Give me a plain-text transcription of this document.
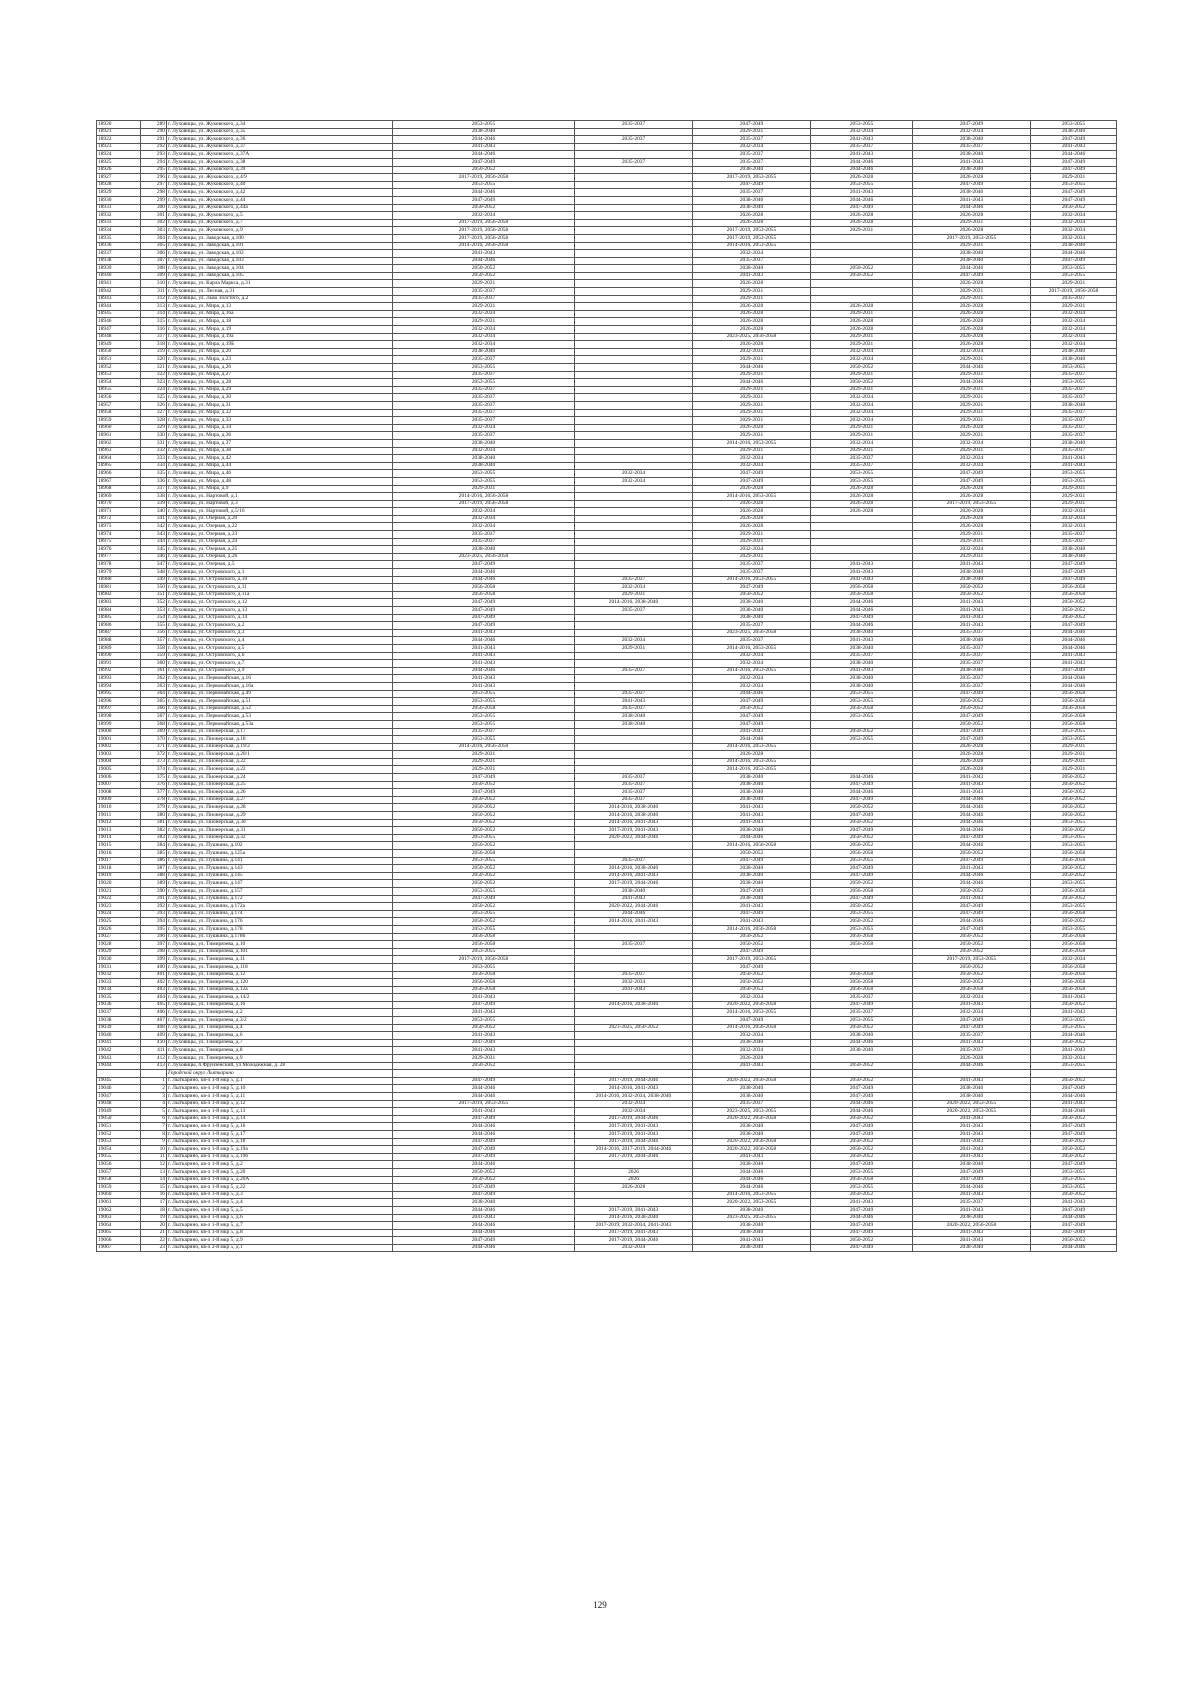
18920	289	г. Луховицы, ул. Жуковского, д.34	2053-2055	2035-2037	2047-2049	2053-2055	2047-2049	2053-2055
18921	290	г. Луховицы, ул. Жуковского, д.35	2038-2040		2029-2031	2032-2034	2032-2034	2038-2040
18922	291	г. Луховицы, ул. Жуковского, д.36	2044-2046	2035-2037	2035-2037	2041-2043	2038-2040	2047-2049
18923	292	г. Луховицы, ул. Жуковского, д.37	2041-2043		2032-2034	2035-2037	2035-2037	2041-2043
18924	293	г. Луховицы, ул. Жуковского, д.37А	2044-2046		2035-2037	2041-2043	2038-2040	2044-2046
18925	294	г. Луховицы, ул. Жуковского, д.38	2047-2049	2035-2037	2035-2037	2044-2046	2041-2043	2047-2049
18926	295	г. Луховицы, ул. Жуковского, д.39	2050-2052		2038-2040	2044-2046	2038-2040	2047-2049
18927	296	г. Луховицы, ул. Жуковского, д.4/9	2017-2019, 2056-2058		2017-2019, 2053-2055	2026-2028	2026-2028	2029-2031
18928	297	г. Луховицы, ул. Жуковского, д.40	2053-2055		2047-2049	2053-2055	2047-2049	2053-2055
18929	298	г. Луховицы, ул. Жуковского, д.42	2044-2046		2035-2037	2041-2043	2038-2040	2047-2049
18930	299	г. Луховицы, ул. Жуковского, д.44	2047-2049		2038-2040	2044-2046	2041-2043	2047-2049
18931	300	г. Луховицы, ул. Жуковского, д.44а	2050-2052		2038-2040	2047-2049	2044-2046	2050-2052
18932	301	г. Луховицы, ул. Жуковского, д.5	2032-2034		2026-2028	2026-2028	2026-2028	2032-2034
18933	302	г. Луховицы, ул. Жуковского, д.7	2017-2019, 2056-2058		2026-2028	2026-2028	2029-2031	2032-2034
18934	303	г. Луховицы, ул. Жуковского, д.9	2017-2019, 2056-2058		2017-2019, 2053-2055	2029-2031	2026-2028	2032-2034
18935	304	г. Луховицы, ул. Заводская, д.100	2017-2019, 2056-2058		2017-2019, 2053-2055		2017-2019, 2053-2055	2032-2034
18936	305	г. Луховицы, ул. Заводская, д.101	2014-2016, 2056-2058		2014-2016, 2053-2055		2029-2031	2038-2040
18937	306	г. Луховицы, ул. Заводская, д.102	2041-2043		2032-2034		2038-2040	2044-2046
18938	307	г. Луховицы, ул. Заводская, д.103	2044-2046		2035-2037		2038-2040	2047-2049
18939	308	г. Луховицы, ул. Заводская, д.104	2050-2052		2038-2040	2050-2052	2044-2046	2053-2055
18940	309	г. Луховицы, ул. Заводская, д.105	2050-2052		2041-2043	2050-2052	2047-2049	2053-2055
18941	310	г. Луховицы, ул. Карла Маркса, д.31	2029-2031		2026-2028		2026-2028	2029-2031
18942	311	г. Луховицы, ул. Лесная, д.31	2035-2037		2029-2031		2029-2031	2017-2019, 2056-2058
18943	312	г. Луховицы, ул. Льва Толстого, д.2	2035-2037		2029-2031		2029-2031	2035-2037
18944	313	г. Луховицы, ул. Мира, д.13	2029-2031		2026-2028	2026-2028	2026-2028	2029-2031
18945	314	г. Луховицы, ул. Мира, д.16а	2032-2034		2026-2028	2029-2031	2026-2028	2032-2034
18946	315	г. Луховицы, ул. Мира, д.18	2029-2031		2026-2028	2026-2028	2026-2028	2032-2034
18947	316	г. Луховицы, ул. Мира, д.19	2032-2034		2026-2028	2026-2028	2026-2028	2032-2034
18948	317	г. Луховицы, ул. Мира, д.19а	2032-2034		2023-2025, 2056-2058	2029-2031	2026-2028	2032-2034
18949	318	г. Луховицы, ул. Мира, д.19Б	2032-2034		2026-2028	2029-2031	2026-2028	2032-2034
18950	319	г. Луховицы, ул. Мира, д.20	2038-2040		2032-2034	2032-2034	2032-2034	2038-2040
18951	320	г. Луховицы, ул. Мира, д.23	2035-2037		2029-2031	2032-2034	2029-2031	2038-2040
18952	321	г. Луховицы, ул. Мира, д.26	2053-2055		2044-2046	2050-2052	2044-2046	2053-2055
18953	322	г. Луховицы, ул. Мира, д.27	2035-2037		2029-2031	2029-2031	2029-2031	2035-2037
18954	323	г. Луховицы, ул. Мира, д.28	2053-2055		2044-2046	2050-2052	2044-2046	2053-2055
18955	324	г. Луховицы, ул. Мира, д.29	2035-2037		2029-2031	2029-2031	2029-2031	2035-2037
18956	325	г. Луховицы, ул. Мира, д.30	2035-2037		2029-2031	2032-2034	2029-2031	2035-2037
18957	326	г. Луховицы, ул. Мира, д.31	2035-2037		2029-2031	2032-2034	2029-2031	2038-2040
18958	327	г. Луховицы, ул. Мира, д.32	2035-2037		2029-2031	2032-2034	2029-2031	2035-2037
18959	328	г. Луховицы, ул. Мира, д.33	2035-2037		2029-2031	2032-2034	2029-2031	2035-2037
18960	329	г. Луховицы, ул. Мира, д.34	2032-2034		2026-2028	2029-2031	2026-2028	2035-2037
18961	330	г. Луховицы, ул. Мира, д.36	2035-2037		2029-2031	2029-2031	2029-2031	2035-2037
18962	331	г. Луховицы, ул. Мира, д.37	2038-2040		2014-2016, 2053-2055	2032-2034	2032-2034	2038-2040
18963	332	г. Луховицы, ул. Мира, д.38	2032-2034		2029-2031	2029-2031	2029-2031	2035-2037
18964	333	г. Луховицы, ул. Мира, д.42	2038-2040		2032-2034	2035-2037	2032-2034	2041-2043
18965	334	г. Луховицы, ул. Мира, д.44	2038-2040		2032-2034	2035-2037	2032-2034	2041-2043
18966	335	г. Луховицы, ул. Мира, д.46	2053-2055	2032-2034	2047-2049	2053-2055	2047-2049	2053-2055
18967	336	г. Луховицы, ул. Мира, д.48	2053-2055	2032-2034	2047-2049	2053-2055	2047-2049	2053-2055
18968	337	г. Луховицы, ул. Мира, д.9	2029-2031		2026-2028	2026-2028	2026-2028	2029-2031
18969	338	г. Луховицы, ул. Нартовой, д.1	2014-2016, 2056-2058		2014-2016, 2053-2055	2026-2028	2026-2028	2029-2031
18970	339	г. Луховицы, ул. Нартовой, д.3	2017-2019, 2056-2058		2026-2028	2026-2028	2017-2019, 2053-2055	2029-2031
18971	340	г. Луховицы, ул. Нартовой, д.5/16	2032-2034		2026-2028	2026-2028	2026-2028	2032-2034
18972	341	г. Луховицы, ул. Озерная, д.20	2032-2034		2026-2028		2026-2028	2032-2034
18973	342	г. Луховицы, ул. Озерная, д.22	2032-2034		2026-2028		2026-2028	2032-2034
18974	343	г. Луховицы, ул. Озерная, д.23	2035-2037		2029-2031		2029-2031	2035-2037
18975	344	г. Луховицы, ул. Озерная, д.24	2035-2037		2029-2031		2029-2031	2035-2037
18976	345	г. Луховицы, ул. Озерная, д.25	2038-2040		2032-2034		2032-2034	2038-2040
18977	346	г. Луховицы, ул. Озерная, д.26	2023-2025, 2056-2058		2029-2031		2029-2031	2038-2040
18978	347	г. Луховицы, ул. Озерная, д.5	2047-2049		2035-2037	2041-2043	2041-2043	2047-2049
18979	348	г. Луховицы, ул. Островского, д.1	2044-2046		2035-2037	2041-2043	2038-2040	2047-2049
18980	349	г. Луховицы, ул. Островского, д.10	2044-2046	2035-2037	2014-2016, 2053-2055	2041-2043	2038-2040	2047-2049
18981	350	г. Луховицы, ул. Островского, д.11	2056-2058	2032-2034	2047-2049	2056-2058	2050-2052	2056-2058
18982	351	г. Луховицы, ул. Островского, д.11а	2056-2058	2029-2031	2050-2052	2056-2058	2050-2052	2056-2058
18983	352	г. Луховицы, ул. Островского, д.12	2047-2049	2014-2016, 2038-2040	2038-2040	2044-2046	2041-2043	2050-2052
18984	353	г. Луховицы, ул. Островского, д.13	2047-2049	2035-2037	2038-2040	2044-2046	2041-2043	2050-2052
18985	354	г. Луховицы, ул. Островского, д.14	2047-2049		2038-2040	2047-2049	2041-2043	2050-2052
18986	355	г. Луховицы, ул. Островского, д.2	2047-2049		2035-2037	2044-2046	2041-2043	2047-2049
18987	356	г. Луховицы, ул. Островского, д.3	2041-2043		2023-2025, 2056-2058	2038-2040	2035-2037	2044-2046
18988	357	г. Луховицы, ул. Островского, д.4	2044-2046	2032-2034	2035-2037	2041-2043	2038-2040	2044-2046
18989	358	г. Луховицы, ул. Островского, д.5	2041-2043	2029-2031	2014-2016, 2053-2055	2038-2040	2035-2037	2044-2046
18990	359	г. Луховицы, ул. Островского, д.6	2041-2043		2032-2034	2035-2037	2035-2037	2041-2043
18991	360	г. Луховицы, ул. Островского, д.7	2041-2043		2032-2034	2038-2040	2035-2037	2041-2043
18992	361	г. Луховицы, ул. Островского, д.9	2044-2046	2035-2037	2014-2016, 2053-2055	2041-2043	2038-2040	2047-2049
18993	362	г. Луховицы, ул. Первомайская, д.16	2041-2043		2032-2034	2038-2040	2035-2037	2044-2046
18994	363	г. Луховицы, ул. Первомайская, д.16а	2041-2043		2032-2034	2038-2040	2035-2037	2044-2046
18995	364	г. Луховицы, ул. Первомайская, д.49	2053-2055	2035-2037	2044-2046	2053-2055	2047-2049	2056-2058
18996	365	г. Луховицы, ул. Первомайская, д.51	2053-2055	2041-2043	2047-2049	2053-2055	2050-2052	2056-2058
18997	366	г. Луховицы, ул. Первомайская, д.52	2056-2058	2035-2037	2050-2052	2056-2058	2050-2052	2056-2058
18998	367	г. Луховицы, ул. Первомайская, д.53	2053-2055	2038-2040	2047-2049	2053-2055	2047-2049	2056-2058
18999	368	г. Луховицы, ул. Первомайская, д.53а	2053-2055	2038-2040	2047-2049		2050-2052	2056-2058
19000	369	г. Луховицы, ул. Пионерская, д.17	2035-2037		2041-2043	2050-2052	2047-2049	2053-2055
19001	370	г. Луховицы, ул. Пионерская, д.18	2053-2055		2044-2046	2053-2055	2047-2049	2053-2055
19002	371	г. Луховицы, ул. Пионерская, д.19/2	2014-2016, 2056-2058		2014-2016, 2053-2055		2026-2028	2029-2031
19003	372	г. Луховицы, ул. Пионерская, д.20/1	2029-2031		2026-2028		2026-2028	2029-2031
19004	373	г. Луховицы, ул. Пионерская, д.22	2029-2031		2014-2016, 2053-2055		2026-2028	2029-2031
19005	374	г. Луховицы, ул. Пионерская, д.22	2029-2031		2014-2016, 2053-2055		2026-2028	2029-2031
19006	375	г. Луховицы, ул. Пионерская, д.24	2047-2049	2035-2037	2038-2040	2044-2046	2041-2043	2050-2052
19007	376	г. Луховицы, ул. Пионерская, д.25	2050-2052	2035-2037	2038-2040	2047-2049	2041-2043	2050-2052
19008	377	г. Луховицы, ул. Пионерская, д.26	2047-2049	2035-2037	2038-2040	2044-2046	2041-2043	2050-2052
19009	378	г. Луховицы, ул. Пионерская, д.27	2050-2052	2035-2037	2038-2040	2047-2049	2044-2046	2050-2052
19010	379	г. Луховицы, ул. Пионерская, д.28	2050-2052	2014-2016, 2038-2040	2041-2043	2050-2052	2044-2046	2050-2052
19011	380	г. Луховицы, ул. Пионерская, д.29	2050-2052	2014-2016, 2038-2040	2041-2043	2047-2049	2044-2046	2050-2052
19012	381	г. Луховицы, ул. Пионерская, д.30	2050-2052	2014-2016, 2041-2043	2041-2043	2050-2052	2044-2046	2053-2055
19013	382	г. Луховицы, ул. Пионерская, д.31	2050-2052	2017-2019, 2041-2043	2038-2040	2047-2049	2044-2046	2050-2052
19014	383	г. Луховицы, ул. Пионерская, д.32	2053-2055	2020-2022, 2044-2046	2044-2046	2050-2052	2047-2049	2053-2055
19015	384	г. Луховицы, ул. Пушкина, д.102	2050-2052		2014-2016, 2056-2058	2050-2052	2044-2046	2053-2055
19016	385	г. Луховицы, ул. Пушкина, д.125а	2056-2058		2050-2052	2056-2058	2050-2052	2056-2058
19017	386	г. Луховицы, ул. Пушкина, д.141	2053-2055	2035-2037	2047-2049	2053-2055	2047-2049	2056-2058
19018	387	г. Луховицы, ул. Пушкина, д.143	2050-2052	2014-2016, 2038-2040	2038-2040	2047-2049	2041-2043	2050-2052
19019	388	г. Луховицы, ул. Пушкина, д.145	2050-2052	2014-2016, 2041-2043	2038-2040	2047-2049	2044-2046	2050-2052
19020	389	г. Луховицы, ул. Пушкина, д.147	2050-2052	2017-2019, 2044-2046	2038-2040	2050-2052	2044-2046	2053-2055
19021	390	г. Луховицы, ул. Пушкина, д.157	2053-2055	2038-2040	2047-2049	2056-2058	2050-2052	2056-2058
19022	391	г. Луховицы, ул. Пушкина, д.172	2047-2049	2041-2043	2038-2040	2047-2049	2041-2043	2050-2052
19023	392	г. Луховицы, ул. Пушкина, д.172а	2050-2052	2020-2022, 2044-2046	2041-2043	2050-2052	2047-2049	2053-2055
19024	393	г. Луховицы, ул. Пушкина, д.174	2053-2055	2044-2046	2047-2049	2053-2055	2047-2049	2056-2058
19025	394	г. Луховицы, ул. Пушкина, д.176	2050-2052	2014-2016, 2041-2043	2041-2043	2050-2052	2044-2046	2050-2052
19026	395	г. Луховицы, ул. Пушкина, д.178	2053-2055		2014-2016, 2056-2058	2053-2055	2047-2049	2053-2055
19027	396	г. Луховицы, ул. Пушкина, д.178б	2056-2058		2050-2052	2056-2058	2050-2052	2056-2058
19028	397	г. Луховицы, ул. Тимирязева, д.10	2056-2058	2035-2037	2050-2052	2056-2058	2050-2052	2056-2058
19029	398	г. Луховицы, ул. Тимирязева, д.101	2053-2055		2047-2049		2050-2052	2056-2058
19030	399	г. Луховицы, ул. Тимирязева, д.11	2017-2019, 2056-2058		2017-2019, 2053-2055		2017-2019, 2053-2055	2032-2034
19031	400	г. Луховицы, ул. Тимирязева, д.118	2053-2055		2047-2049		2050-2052	2056-2058
19032	401	г. Луховицы, ул. Тимирязева, д.12	2056-2058	2035-2037	2050-2052	2056-2058	2050-2052	2056-2058
19033	402	г. Луховицы, ул. Тимирязева, д.120	2056-2058	2032-2034	2050-2052	2056-2058	2050-2052	2056-2058
19034	403	г. Луховицы, ул. Тимирязева, д.12а	2056-2058	2041-2043	2050-2052	2056-2058	2056-2058	2056-2058
19035	404	г. Луховицы, ул. Тимирязева, д.14/2	2041-2043		2032-2034	2035-2037	2032-2034	2041-2043
19036	405	г. Луховицы, ул. Тимирязева, д.16	2047-2049	2014-2016, 2038-2040	2020-2022, 2056-2058	2047-2049	2041-2043	2050-2052
19037	406	г. Луховицы, ул. Тимирязева, д.2	2041-2043		2014-2016, 2053-2055	2035-2037	2032-2034	2041-2043
19038	407	г. Луховицы, ул. Тимирязева, д.3/2	2053-2055		2047-2049	2053-2055	2047-2049	2053-2055
19039	408	г. Луховицы, ул. Тимирязева, д.4	2050-2052	2023-2025, 2050-2052	2014-2016, 2056-2058	2050-2052	2047-2049	2053-2055
19040	409	г. Луховицы, ул. Тимирязева, д.6	2041-2043		2032-2034	2038-2040	2035-2037	2044-2046
19041	410	г. Луховицы, ул. Тимирязева, д.7	2047-2049		2038-2040	2044-2046	2041-2043	2050-2052
19042	411	г. Луховицы, ул. Тимирязева, д.8	2041-2043		2032-2034	2038-2040	2035-2037	2041-2043
19043	412	г. Луховицы, ул. Тимирязева, д.9	2029-2031		2026-2028		2026-2028	2032-2034
19044	413	г. Луховицы, п.Фрунзенский, ул Молодежная, д. 28	2050-2052		2041-2043	2050-2052	2044-2046	2053-2055
		Городской округ Лыткарино						
19045	1	г. Лыткарино, кв-л 1-й мкр 5, д.1	2047-2049	2017-2019, 2044-2046	2020-2022, 2056-2058	2050-2052	2041-2043	2050-2052
19046	2	г. Лыткарино, кв-л 1-й мкр 5, д.10	2044-2046	2014-2016, 2041-2043	2038-2040	2047-2049	2038-2040	2047-2049
19047	3	г. Лыткарино, кв-л 1-й мкр 5, д.11	2044-2046	2014-2016, 2032-2034, 2038-2040	2038-2040	2047-2049	2038-2040	2044-2046
19048	4	г. Лыткарино, кв-л 1-й мкр 5, д.12	2017-2019, 2053-2055	2032-2034	2035-2037	2044-2046	2020-2022, 2053-2055	2041-2043
19049	5	г. Лыткарино, кв-л 1-й мкр 5, д.13	2041-2043	2032-2034	2023-2025, 2053-2055	2044-2046	2020-2022, 2053-2055	2044-2046
19050	6	г. Лыткарино, кв-л 1-й мкр 5, д.14	2047-2049	2017-2019, 2044-2046	2020-2022, 2056-2058	2050-2052	2041-2043	2050-2052
19051	7	г. Лыткарино, кв-л 1-й мкр 5, д.16	2044-2046	2017-2019, 2041-2043	2038-2040	2047-2049	2041-2043	2047-2049
19052	8	г. Лыткарино, кв-л 1-й мкр 5, д.17	2044-2046	2017-2019, 2041-2043	2038-2040	2047-2049	2041-2043	2047-2049
19053	9	г. Лыткарино, кв-л 1-й мкр 5, д.18	2047-2049	2017-2019, 2044-2046	2020-2022, 2056-2058	2050-2052	2041-2043	2050-2052
19054	10	г. Лыткарино, кв-л 1-й мкр 5, д.19а	2047-2049	2014-2016, 2017-2019, 2044-2046	2020-2022, 2056-2058	2050-2052	2041-2043	2050-2052
19055	11	г. Лыткарино, кв-л 1-й мкр 5, д.19б	2047-2049	2017-2019, 2044-2046	2041-2043	2050-2052	2041-2043	2050-2052
19056	12	г. Лыткарино, кв-л 1-й мкр 5, д.2	2044-2046		2038-2040	2047-2049	2038-2040	2047-2049
19057	13	г. Лыткарино, кв-л 1-й мкр 5, д.20	2050-2052	2026	2044-2046	2053-2055	2047-2049	2053-2055
19058	14	г. Лыткарино, кв-л 1-й мкр 5, д.20А	2050-2052	2026	2044-2046	2056-2058	2047-2049	2053-2055
19059	15	г. Лыткарино, кв-л 1-й мкр 5, д.22	2047-2049	2026-2028	2044-2046	2053-2055	2044-2046	2053-2055
19060	16	г. Лыткарино, кв-л 1-й мкр 5, д.3	2047-2049		2014-2016, 2053-2055	2050-2052	2041-2043	2050-2052
19061	17	г. Лыткарино, кв-л 1-й мкр 5, д.4	2038-2040		2020-2022, 2053-2055	2041-2043	2035-2037	2041-2043
19062	18	г. Лыткарино, кв-л 1-й мкр 5, д.5	2044-2046	2017-2019, 2041-2043	2038-2040	2047-2049	2041-2043	2047-2049
19063	19	г. Лыткарино, кв-л 1-й мкр 5, д.6	2041-2043	2014-2016, 2038-2040	2023-2025, 2053-2055	2044-2046	2038-2040	2044-2046
19064	20	г. Лыткарино, кв-л 1-й мкр 5, д.7	2044-2046	2017-2019, 2032-2034, 2041-2043	2038-2040	2047-2049	2020-2022, 2056-2058	2047-2049
19065	21	г. Лыткарино, кв-л 1-й мкр 5, д.8	2044-2046	2017-2019, 2041-2043	2038-2040	2047-2049	2041-2043	2047-2049
19066	22	г. Лыткарино, кв-л 1-й мкр 5, д.9	2047-2049	2017-2019, 2044-2046	2041-2043	2050-2052	2041-2043	2050-2052
19067	23	г. Лыткарино, кв-л 2-й мкр 5, д.1	2044-2046	2032-2034	2038-2040	2047-2049	2038-2040	2044-2046
129
